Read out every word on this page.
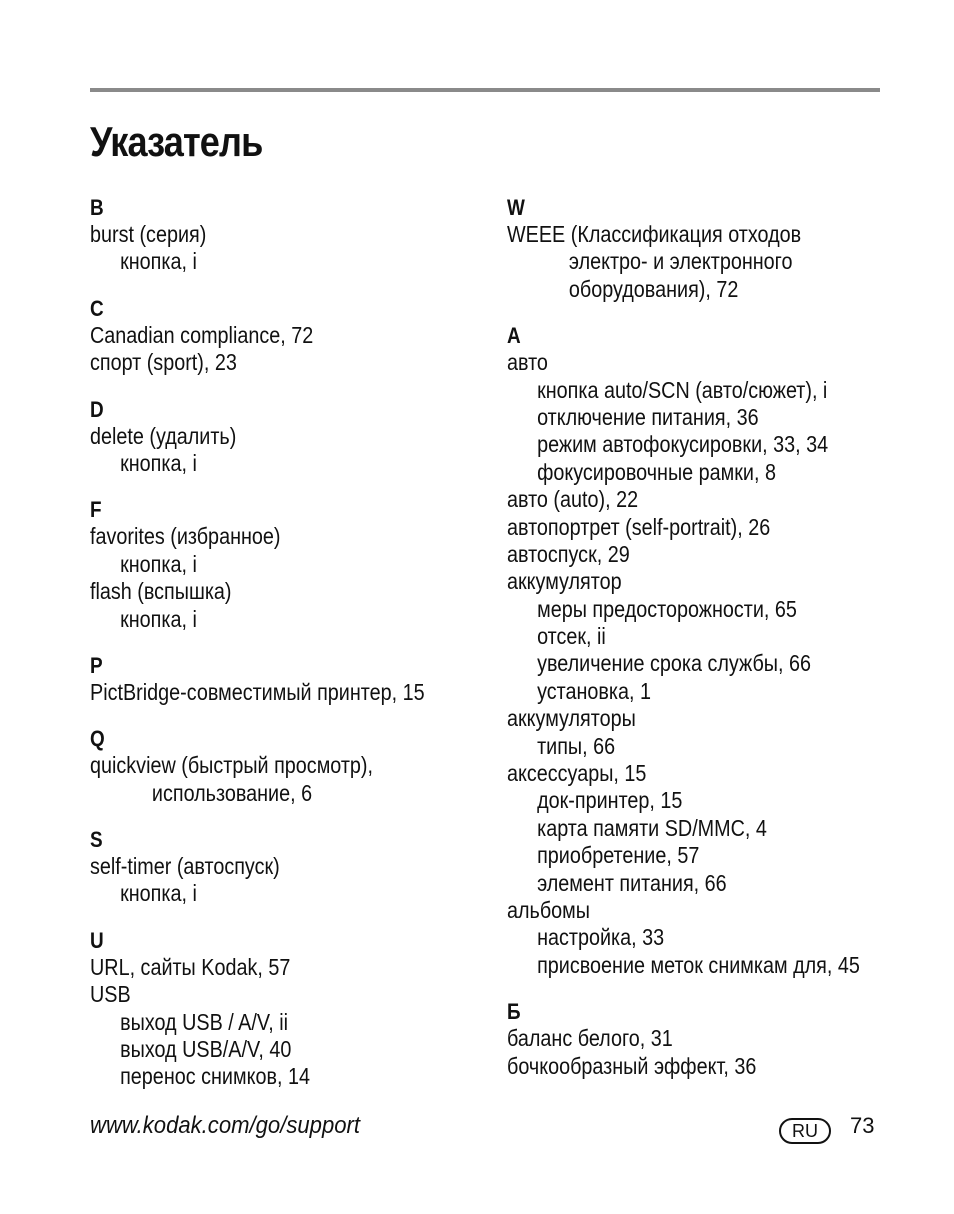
Указатель
B
burst (серия)
кнопка, i
C
Canadian compliance, 72
спорт (sport), 23
D
delete (удалить)
кнопка, i
F
favorites (избранное)
кнопка, i
flash (вспышка)
кнопка, i
P
PictBridge-совместимый принтер, 15
Q
quickview (быстрый просмотр),
использование, 6
S
self-timer (автоспуск)
кнопка, i
U
URL, сайты Kodak, 57
USB
выход USB / A/V, ii
выход USB/A/V, 40
перенос снимков, 14
W
WEEE (Классификация отходов
электро- и электронного
оборудования), 72
А
авто
кнопка auto/SCN (авто/сюжет), i
отключение питания, 36
режим автофокусировки, 33, 34
фокусировочные рамки, 8
авто (auto), 22
автопортрет (self-portrait), 26
автоспуск, 29
аккумулятор
меры предосторожности, 65
отсек, ii
увеличение срока службы, 66
установка, 1
аккумуляторы
типы, 66
аксессуары, 15
док-принтер, 15
карта памяти SD/MMC, 4
приобретение, 57
элемент питания, 66
альбомы
настройка, 33
присвоение меток снимкам для, 45
Б
баланс белого, 31
бочкообразный эффект, 36
www.kodak.com/go/support	RU	73
